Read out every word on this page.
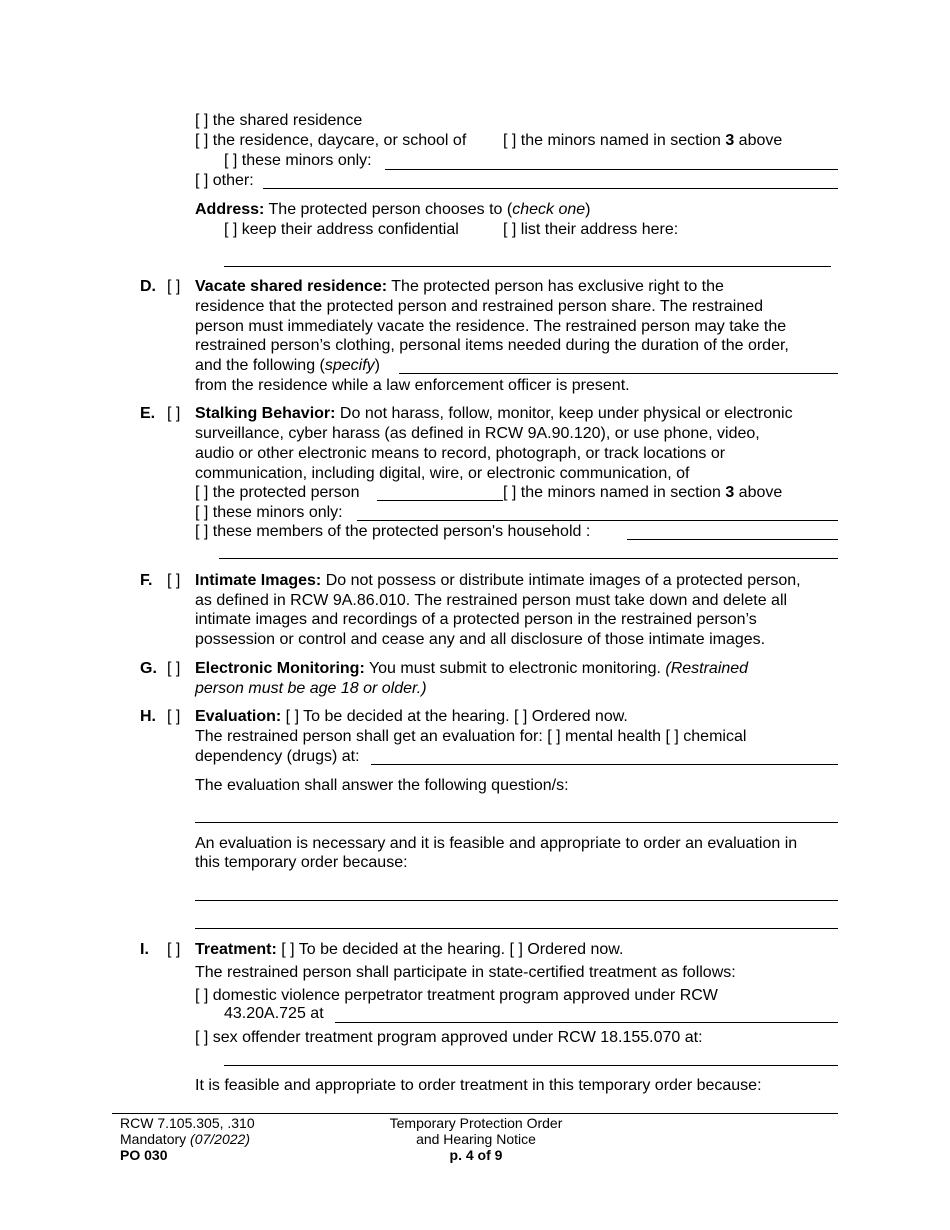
[ ] the shared residence
[ ] the residence, daycare, or school of [ ] the minors named in section 3 above
[ ] these minors only:
[ ] other:
Address: The protected person chooses to (check one)
[ ] keep their address confidential	[ ] list their address here:
D. [ ] Vacate shared residence: The protected person has exclusive right to the
residence that the protected person and restrained person share. The restrained
person must immediately vacate the residence. The restrained person may take the
restrained person’s clothing, personal items needed during the duration of the order,
and the following (specify)
from the residence while a law enforcement officer is present.
E. [ ] Stalking Behavior: Do not harass, follow, monitor, keep under physical or electronic
surveillance, cyber harass (as defined in RCW 9A.90.120), or use phone, video,
audio or other electronic means to record, photograph, or track locations or
communication, including digital, wire, or electronic communication, of
[ ] the protected person	[ ] the minors named in section 3 above
[ ] these minors only:
[ ] these members of the protected person's household :
F. [ ] Intimate Images: Do not possess or distribute intimate images of a protected person,
as defined in RCW 9A.86.010. The restrained person must take down and delete all
intimate images and recordings of a protected person in the restrained person’s
possession or control and cease any and all disclosure of those intimate images.
G. [ ] Electronic Monitoring: You must submit to electronic monitoring. (Restrained
person must be age 18 or older.)
H. [ ] Evaluation: [ ] To be decided at the hearing. [ ] Ordered now.
The restrained person shall get an evaluation for: [ ] mental health [ ] chemical
dependency (drugs) at:
The evaluation shall answer the following question/s:
An evaluation is necessary and it is feasible and appropriate to order an evaluation in
this temporary order because:
I. [ ] Treatment: [ ] To be decided at the hearing. [ ] Ordered now.
The restrained person shall participate in state-certified treatment as follows:
[ ] domestic violence perpetrator treatment program approved under RCW
43.20A.725 at
[ ] sex offender treatment program approved under RCW 18.155.070 at:
It is feasible and appropriate to order treatment in this temporary order because:
RCW 7.105.305, .310
Mandatory (07/2022)
PO 030
Temporary Protection Order
and Hearing Notice
p. 4 of 9
